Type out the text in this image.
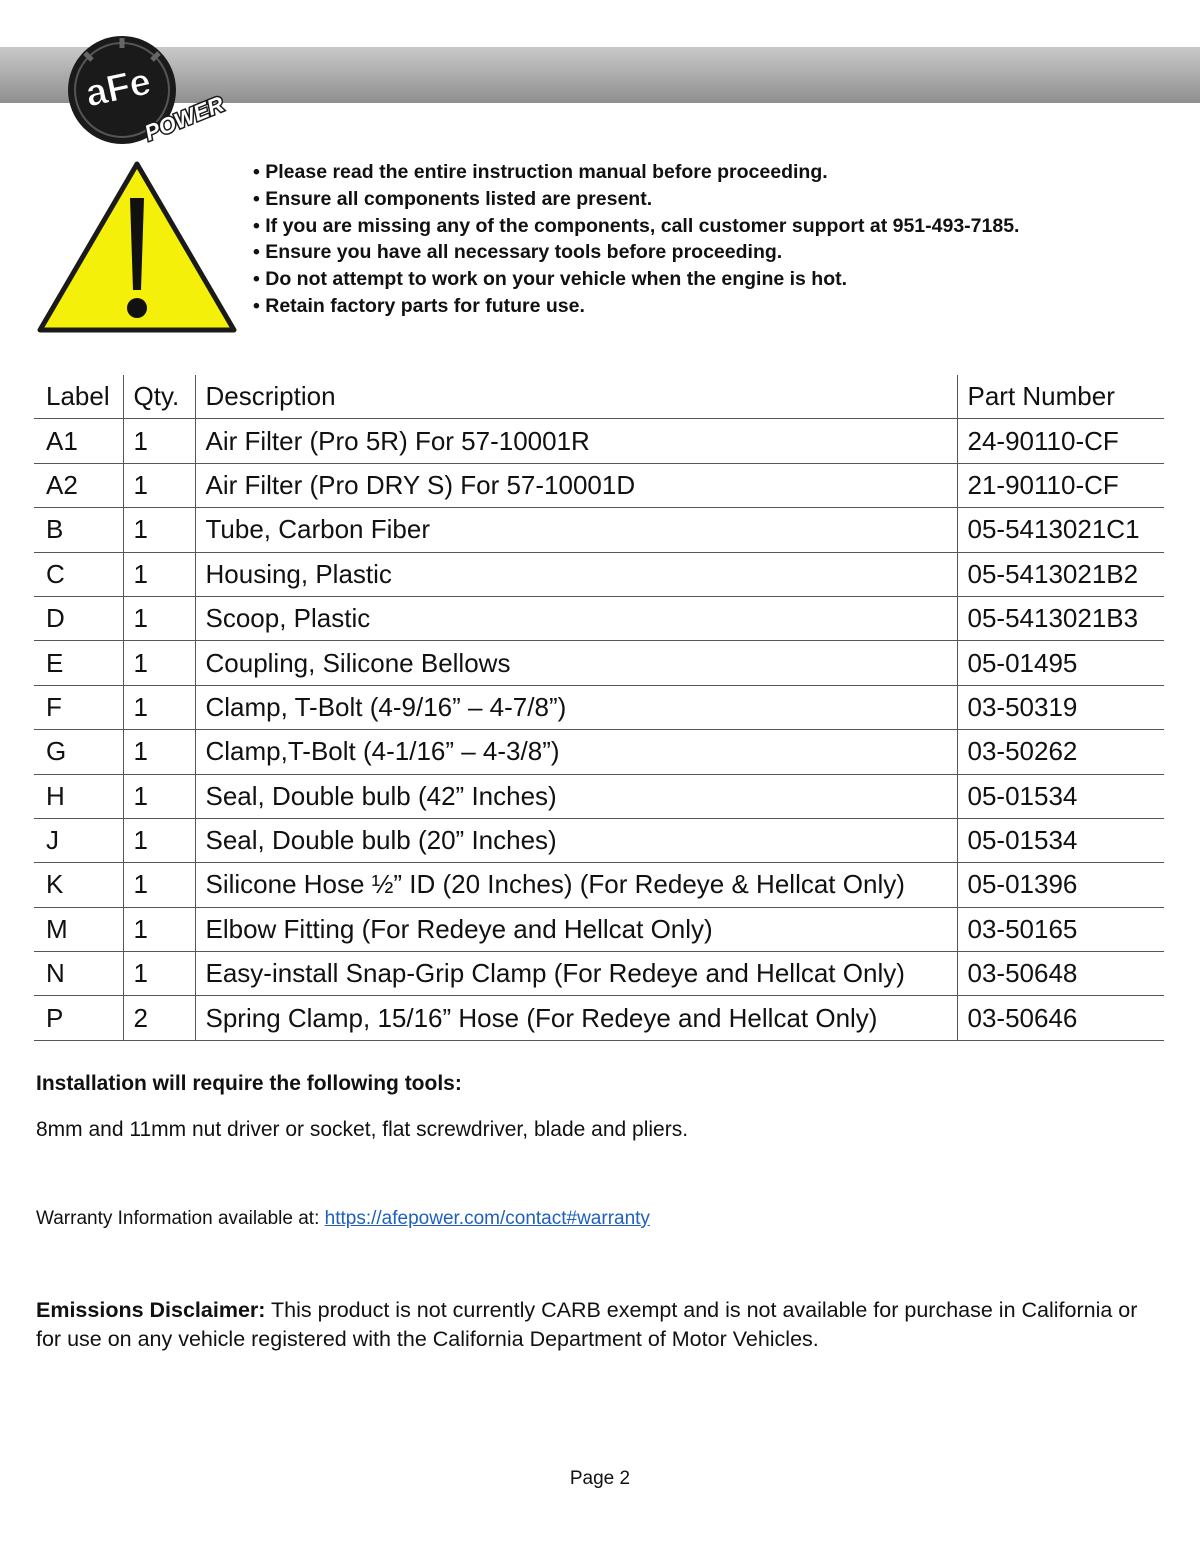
aFe
POWER
• Please read the entire instruction manual before proceeding.
• Ensure all components listed are present.
• If you are missing any of the components, call customer support at 951-493-7185.
• Ensure you have all necessary tools before proceeding.
• Do not attempt to work on your vehicle when the engine is hot.
• Retain factory parts for future use.
Label	Qty.	Description	Part Number
A1	1	Air Filter (Pro 5R) For 57-10001R	24-90110-CF
A2	1	Air Filter (Pro DRY S) For 57-10001D	21-90110-CF
B	1	Tube, Carbon Fiber	05-5413021C1
C	1	Housing, Plastic	05-5413021B2
D	1	Scoop, Plastic	05-5413021B3
E	1	Coupling, Silicone Bellows	05-01495
F	1	Clamp, T-Bolt (4-9/16” – 4-7/8”)	03-50319
G	1	Clamp,T-Bolt (4-1/16” – 4-3/8”)	03-50262
H	1	Seal, Double bulb (42” Inches)	05-01534
J	1	Seal, Double bulb (20” Inches)	05-01534
K	1	Silicone Hose ½” ID (20 Inches) (For Redeye & Hellcat Only)	05-01396
M	1	Elbow Fitting (For Redeye and Hellcat Only)	03-50165
N	1	Easy-install Snap-Grip Clamp (For Redeye and Hellcat Only)	03-50648
P	2	Spring Clamp, 15/16” Hose (For Redeye and Hellcat Only)	03-50646
Installation will require the following tools:
8mm and 11mm nut driver or socket, flat screwdriver, blade and pliers.
Warranty Information available at: https://afepower.com/contact#warranty
Emissions Disclaimer: This product is not currently CARB exempt and is not available for purchase in California or for use on any vehicle registered with the California Department of Motor Vehicles.
Page 2
